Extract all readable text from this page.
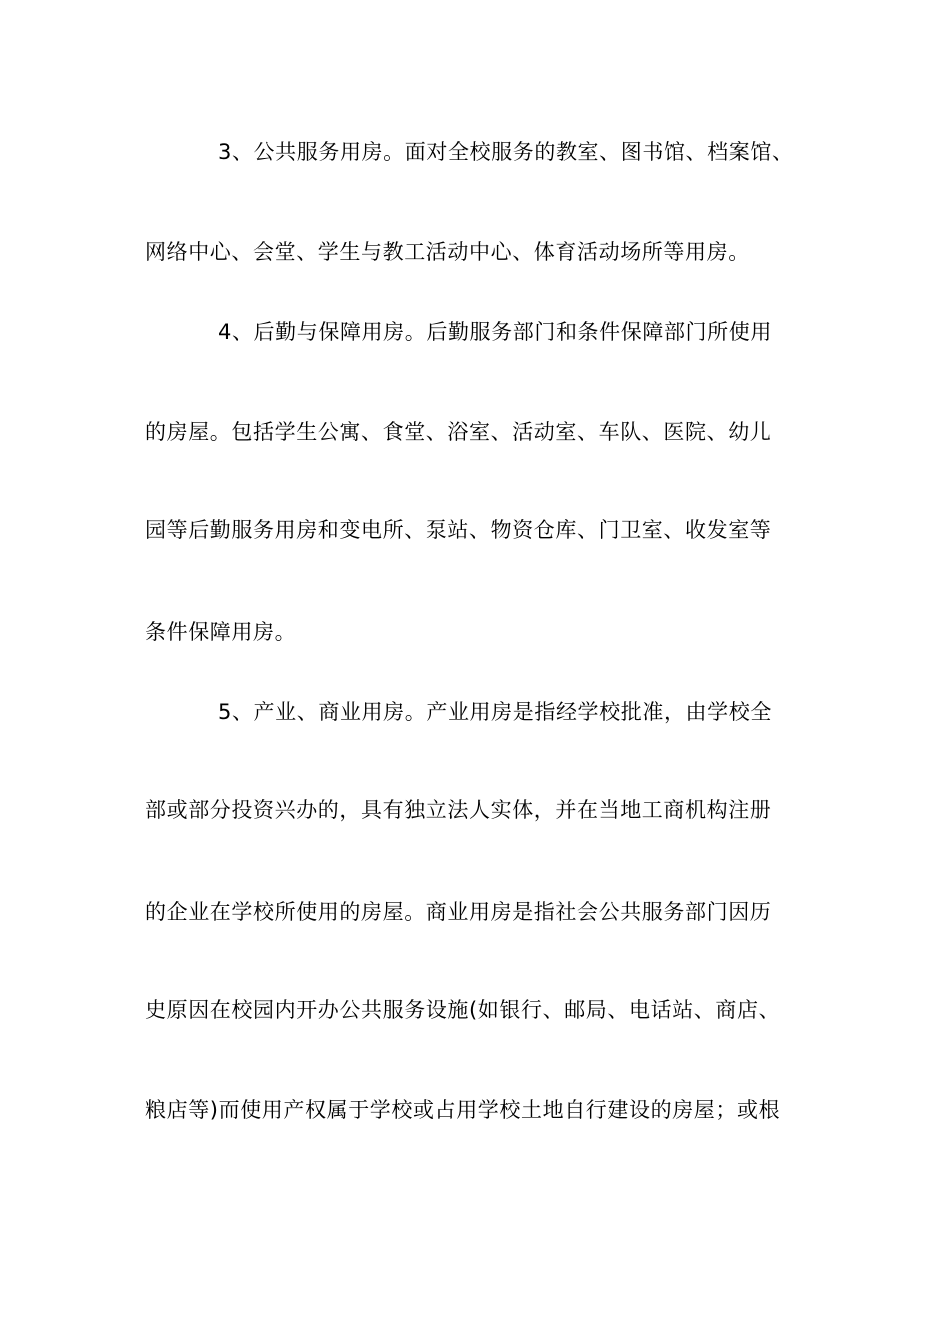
3、公共服务用房。面对全校服务的教室、图书馆、档案馆、
网络中心、会堂、学生与教工活动中心、体育活动场所等用房。
4、后勤与保障用房。后勤服务部门和条件保障部门所使用
的房屋。包括学生公寓、食堂、浴室、活动室、车队、医院、幼儿
园等后勤服务用房和变电所、泵站、物资仓库、门卫室、收发室等
条件保障用房。
5、产业、商业用房。产业用房是指经学校批准，由学校全
部或部分投资兴办的，具有独立法人实体，并在当地工商机构注册
的企业在学校所使用的房屋。商业用房是指社会公共服务部门因历
史原因在校园内开办公共服务设施(如银行、邮局、电话站、商店、
粮店等)而使用产权属于学校或占用学校土地自行建设的房屋；或根
